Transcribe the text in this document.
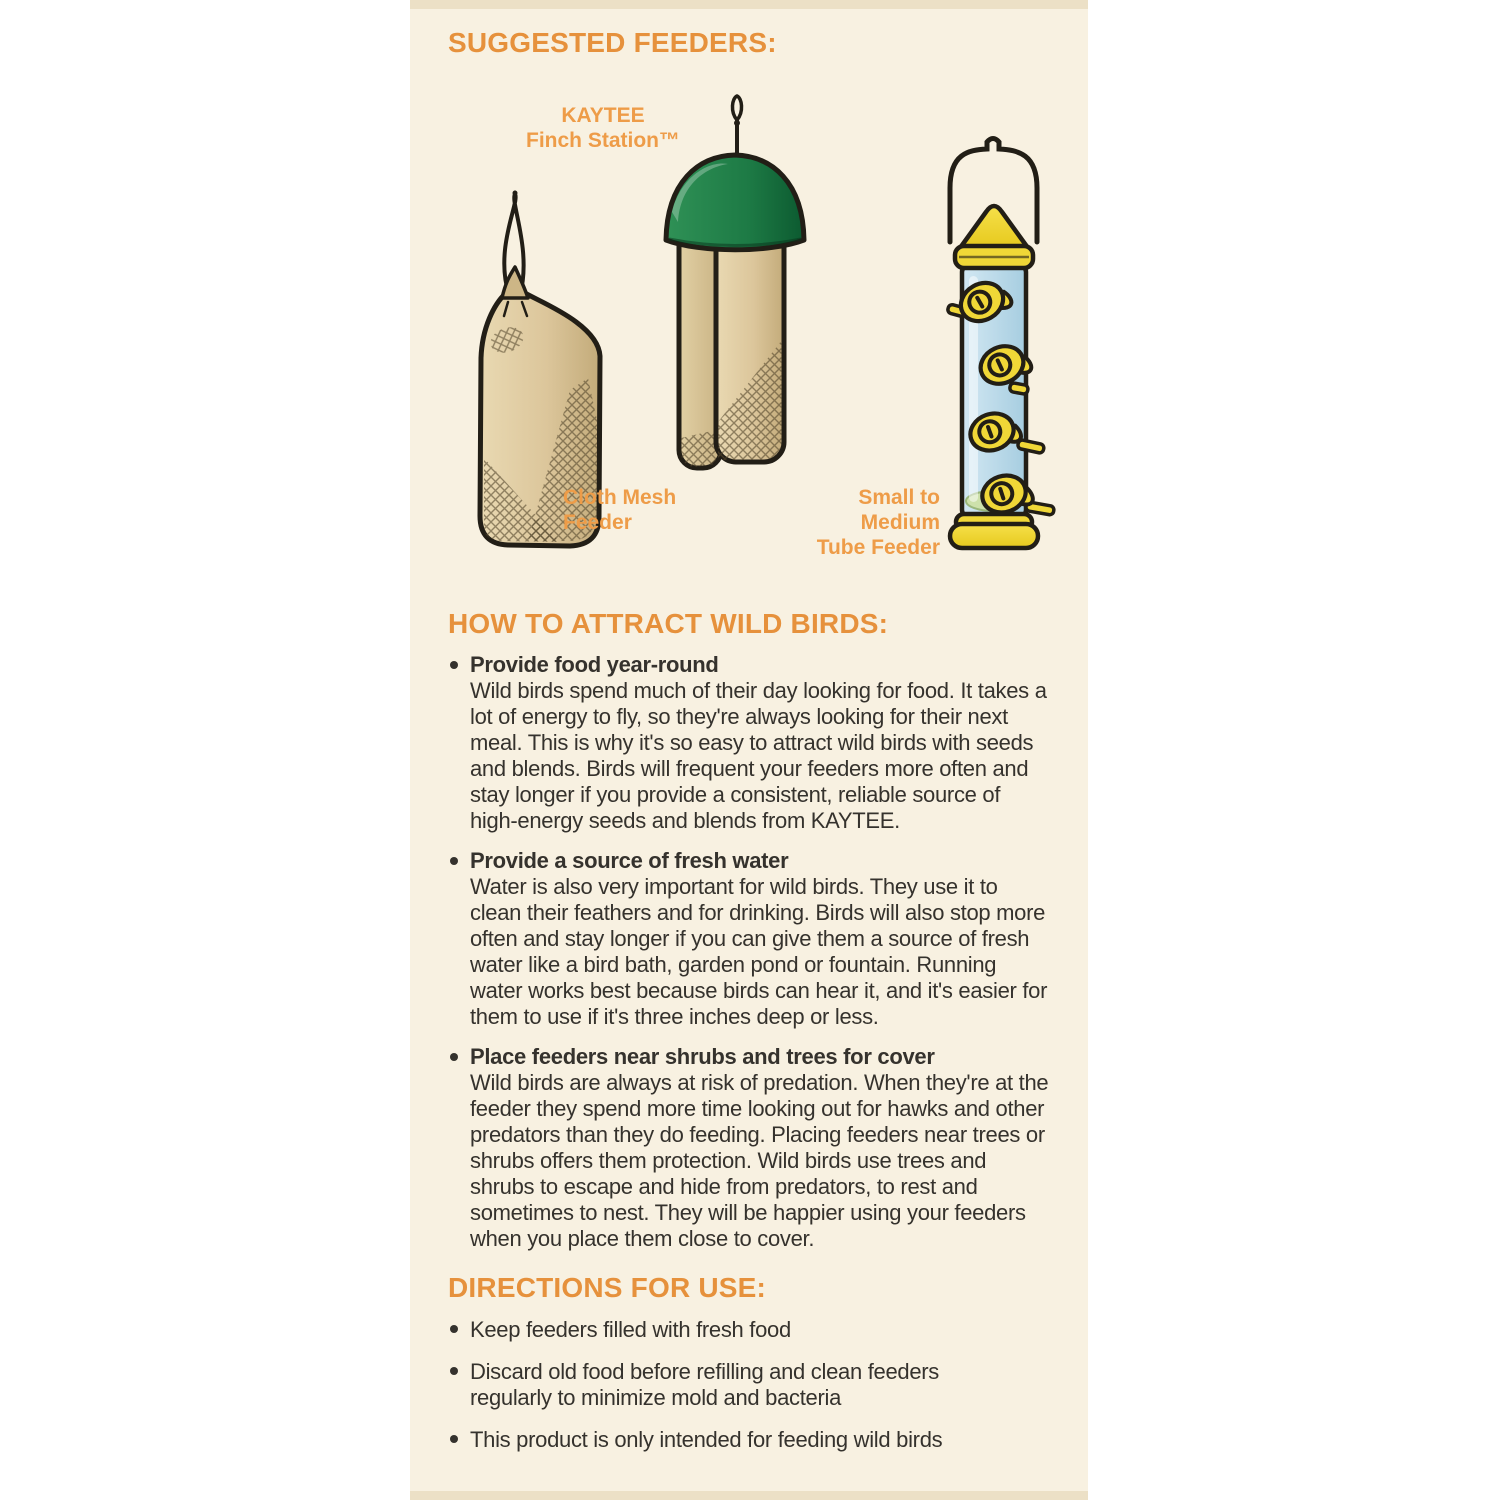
SUGGESTED FEEDERS:
KAYTEE
Finch Station™
Cloth Mesh
Feeder
Small to Medium
Tube Feeder
HOW TO ATTRACT WILD BIRDS:
Provide food year-round
Wild birds spend much of their day looking for food. It takes a lot of energy to fly, so they're always looking for their next meal. This is why it's so easy to attract wild birds with seeds and blends. Birds will frequent your feeders more often and stay longer if you provide a consistent, reliable source of high-energy seeds and blends from KAYTEE.
Provide a source of fresh water
Water is also very important for wild birds. They use it to clean their feathers and for drinking. Birds will also stop more often and stay longer if you can give them a source of fresh water like a bird bath, garden pond or fountain. Running water works best because birds can hear it, and it's easier for them to use if it's three inches deep or less.
Place feeders near shrubs and trees for cover
Wild birds are always at risk of predation. When they're at the feeder they spend more time looking out for hawks and other predators than they do feeding. Placing feeders near trees or shrubs offers them protection. Wild birds use trees and shrubs to escape and hide from predators, to rest and sometimes to nest. They will be happier using your feeders when you place them close to cover.
DIRECTIONS FOR USE:
Keep feeders filled with fresh food
Discard old food before refilling and clean feeders regularly to minimize mold and bacteria
This product is only intended for feeding wild birds
